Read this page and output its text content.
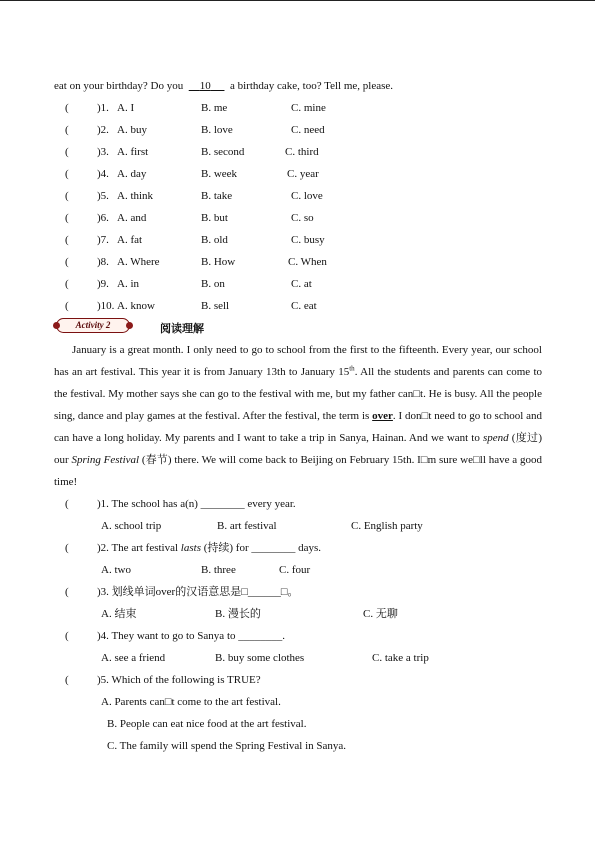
eat on your birthday? Do you 10 a birthday cake, too? Tell me, please.
(	)1. A. I	B. me	C. mine
(	)2. A. buy	B. love	C. need
(	)3. A. first	B. second	C. third
(	)4. A. day	B. week	C. year
(	)5. A. think	B. take	C. love
(	)6. A. and	B. but	C. so
(	)7. A. fat	B. old	C. busy
(	)8. A. Where	B. How	C. When
(	)9. A. in	B. on	C. at
(	)10. A. know	B. sell	C. eat
Activity 2	阅读理解
January is a great month. I only need to go to school from the first to the fifteenth. Every year, our school has an art festival. This year it is from January 13th to January 15th. All the students and parents can come to the festival. My mother says she can go to the festival with me, but my father can□t. He is busy. All the people sing, dance and play games at the festival. After the festival, the term is over. I don□t need to go to school and can have a long holiday. My parents and I want to take a trip in Sanya, Hainan. And we want to spend (度过) our Spring Festival (春节) there. We will come back to Beijing on February 15th. I□m sure we□ll have a good time!
(	)1. The school has a(n) ________ every year.
A. school trip	B. art festival	C. English party
(	)2. The art festival lasts (持续) for ________ days.
A. two	B. three	C. four
(	)3. 划线单词over的汉语意思是□______□。
A. 结束	B. 漫长的	C. 无聊
(	)4. They want to go to Sanya to ________.
A. see a friend	B. buy some clothes	C. take a trip
(	)5. Which of the following is TRUE?
A. Parents can□t come to the art festival.
B. People can eat nice food at the art festival.
C. The family will spend the Spring Festival in Sanya.
